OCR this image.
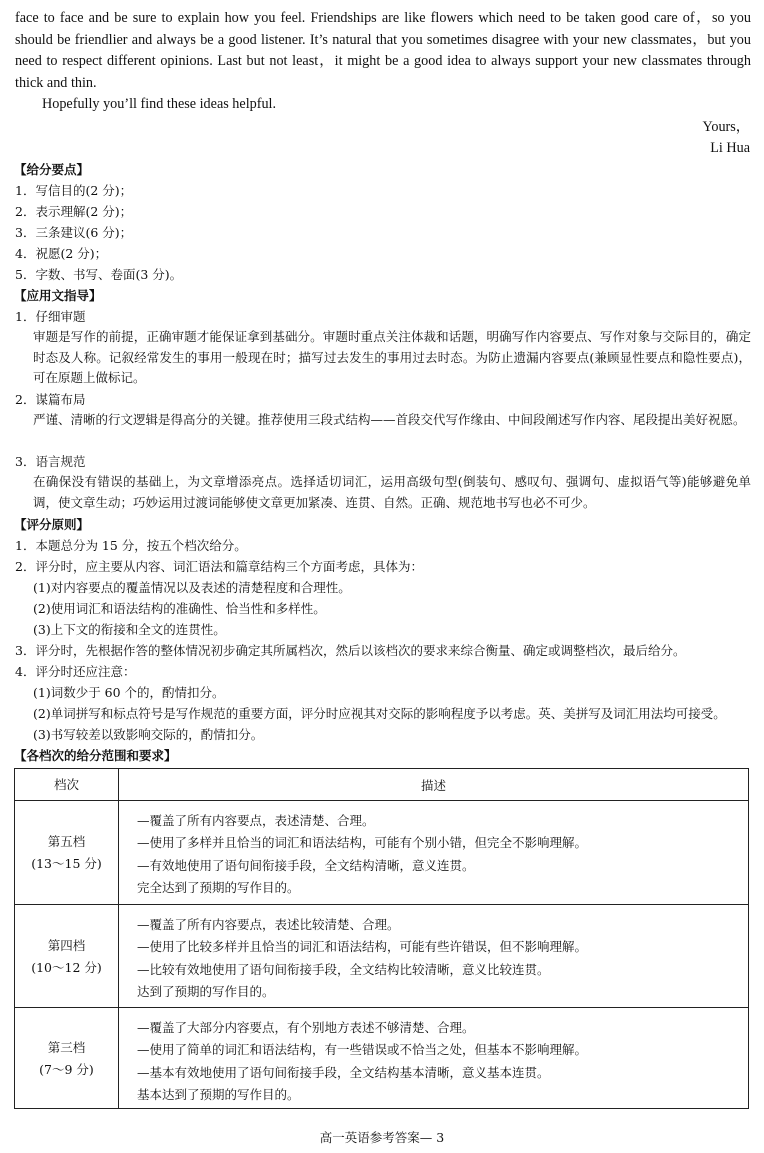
face to face and be sure to explain how you feel. Friendships are like flowers which need to be taken good care of，so you should be friendlier and always be a good listener. It’s natural that you sometimes disagree with your new classmates，but you need to respect different opinions. Last but not least，it might be a good idea to always support your new classmates through thick and thin.

Hopefully you’ll find these ideas helpful.

Yours，
Li Hua
【给分要点】
1．写信目的(2 分)；
2．表示理解(2 分)；
3．三条建议(6 分)；
4．祝愿(2 分)；
5．字数、书写、卷面(3 分)。
【应用文指导】
1．仔细审题

审题是写作的前提，正确审题才能保证拿到基础分。审题时重点关注体裁和话题，明确写作内容要点、写作对象与交际目的，确定时态及人称。记叙经常发生的事用一般现在时；描写过去发生的事用过去时态。为防止遗漏内容要点(兼顾显性要点和隐性要点)，可在原题上做标记。

2．谋篇布局

严谨、清晰的行文逻辑是得高分的关键。推荐使用三段式结构——首段交代写作缘由、中间段阐述写作内容、尾段提出美好祝愿。

3．语言规范

在确保没有错误的基础上，为文章增添亮点。选择适切词汇，运用高级句型(倒装句、感叹句、强调句、虚拟语气等)能够避免单调，使文章生动；巧妙运用过渡词能够使文章更加紧凑、连贯、自然。正确、规范地书写也必不可少。

【评分原则】
1．本题总分为 15 分，按五个档次给分。
2．评分时，应主要从内容、词汇语法和篇章结构三个方面考虑，具体为：
(1)对内容要点的覆盖情况以及表述的清楚程度和合理性。
(2)使用词汇和语法结构的准确性、恰当性和多样性。
(3)上下文的衔接和全文的连贯性。
3．评分时，先根据作答的整体情况初步确定其所属档次，然后以该档次的要求来综合衡量、确定或调整档次，最后给分。
4．评分时还应注意：
(1)词数少于 60 个的，酌情扣分。
(2)单词拼写和标点符号是写作规范的重要方面，评分时应视其对交际的影响程度予以考虑。英、美拼写及词汇用法均可接受。
(3)书写较差以致影响交际的，酌情扣分。
【各档次的给分范围和要求】
档次	描述
第五档
(13～15 分)
—覆盖了所有内容要点，表述清楚、合理。
—使用了多样并且恰当的词汇和语法结构，可能有个别小错，但完全不影响理解。
—有效地使用了语句间衔接手段，全文结构清晰，意义连贯。
完全达到了预期的写作目的。
第四档
(10～12 分)
—覆盖了所有内容要点，表述比较清楚、合理。
—使用了比较多样并且恰当的词汇和语法结构，可能有些许错误，但不影响理解。
—比较有效地使用了语句间衔接手段，全文结构比较清晰，意义比较连贯。
达到了预期的写作目的。
第三档
(7～9 分)
—覆盖了大部分内容要点，有个别地方表述不够清楚、合理。
—使用了简单的词汇和语法结构，有一些错误或不恰当之处，但基本不影响理解。
—基本有效地使用了语句间衔接手段，全文结构基本清晰，意义基本连贯。
基本达到了预期的写作目的。
高一英语参考答案— 3
